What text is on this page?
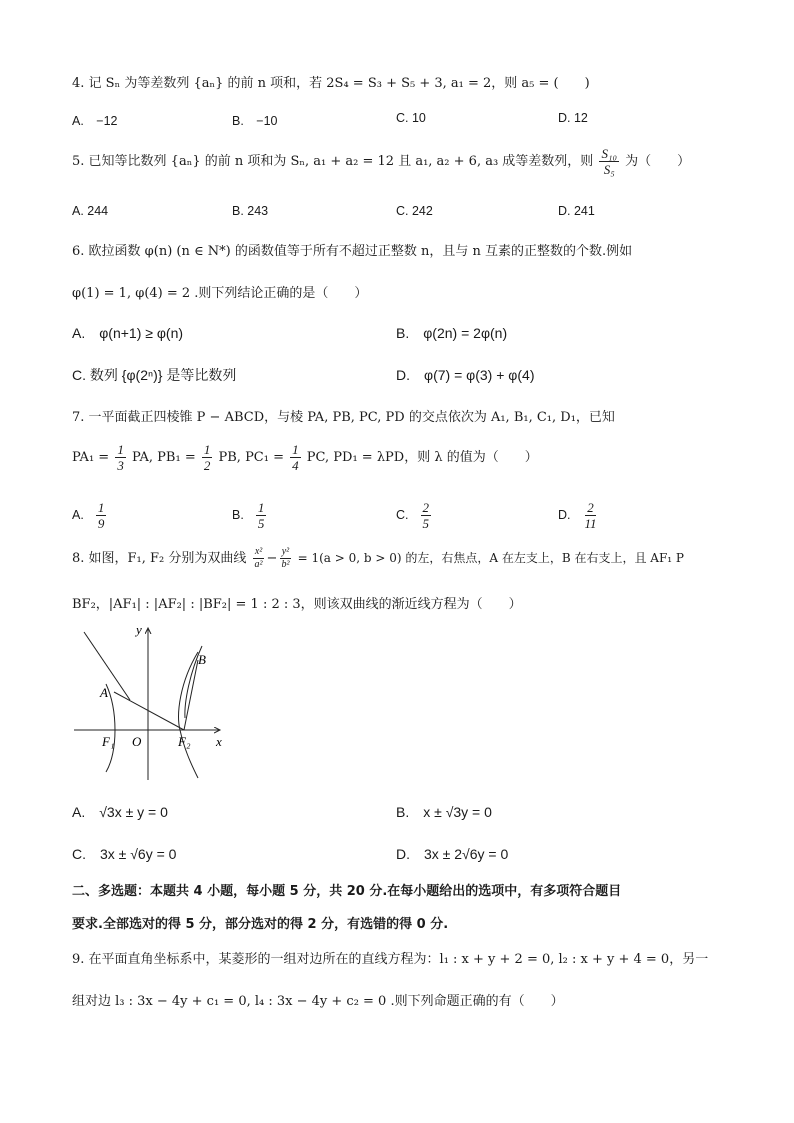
4. 记 Sₙ 为等差数列 {aₙ} 的前 n 项和，若 2S₄ = S₃ + S₅ + 3, a₁ = 2，则 a₅ = (　　)
A.　−12	B.　−10	C. 10	D. 12
5. 已知等比数列 {aₙ} 的前 n 项和为 Sₙ, a₁ + a₂ = 12 且 a₁, a₂ + 6, a₃ 成等差数列，则 $\frac{\text{S₁₀}}{\text{S₅}}$ 为（　　）
A. 244	B. 243	C. 242	D. 241
6. 欧拉函数 φ(n) (n ∈ N*) 的函数值等于所有不超过正整数 n，且与 n 互素的正整数的个数.例如
φ(1) = 1, φ(4) = 2 .则下列结论正确的是（　　）
A.　φ(n+1) ≥ φ(n)	B.　φ(2n) = 2φ(n)
C. 数列 {φ(2ⁿ)} 是等比数列	D.　φ(7) = φ(3) + φ(4)
7. 一平面截正四棱锥 P − ABCD，与棱 PA, PB, PC, PD 的交点依次为 A₁, B₁, C₁, D₁，已知
$PA_1 = \frac{1}{3}$ PA, $PB_1 = \frac{1}{2}$ PB, $PC_1 = \frac{1}{4}$ PC, PD₁ = λPD，则 λ 的值为（　　）
A. $\frac{1}{9}$	B. $\frac{1}{5}$	C. $\frac{2}{5}$	D. $\frac{2}{11}$
8. 如图，F₁, F₂ 分别为双曲线 $\frac{\text{x²}}{\text{a²}} - \frac{\text{y²}}{\text{b²}} = 1(a > 0$, b > 0) 的左，右焦点，A 在左支上，B 在右支上，且 AF₁ P
BF₂，|AF₁| : |AF₂| : |BF₂| = 1 : 2 : 3，则该双曲线的渐近线方程为（　　）
y
B
A
F₁ O	F₂ x
A.　√3x ± y = 0	B.　x ± √3y = 0
C.　3x ± √6y = 0	D.　3x ± 2√6y = 0
二、多选题：本题共 4 小题，每小题 5 分，共 20 分.在每小题给出的选项中，有多项符合题目
要求.全部选对的得 5 分，部分选对的得 2 分，有选错的得 0 分.
9. 在平面直角坐标系中，某菱形的一组对边所在的直线方程为：l₁ : x + y + 2 = 0, l₂ : x + y + 4 = 0，另一
组对边 l₃ : 3x − 4y + c₁ = 0, l₄ : 3x − 4y + c₂ = 0 .则下列命题正确的有（　　）
